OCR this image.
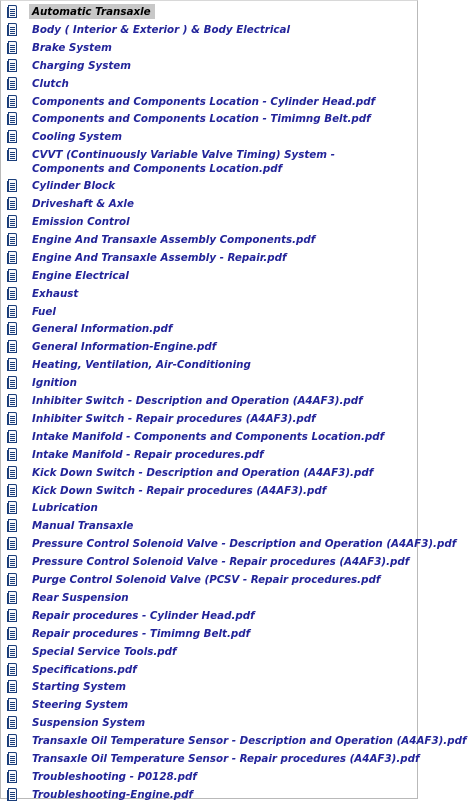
Automatic Transaxle
Body ( Interior & Exterior ) & Body Electrical
Brake System
Charging System
Clutch
Components and Components Location - Cylinder Head.pdf
Components and Components Location - Timimng Belt.pdf
Cooling System
CVVT (Continuously Variable Valve Timing) System - Components and Components Location.pdf
Cylinder Block
Driveshaft & Axle
Emission Control
Engine And Transaxle Assembly Components.pdf
Engine And Transaxle Assembly - Repair.pdf
Engine Electrical
Exhaust
Fuel
General Information.pdf
General Information-Engine.pdf
Heating, Ventilation, Air-Conditioning
Ignition
Inhibiter Switch - Description and Operation (A4AF3).pdf
Inhibiter Switch - Repair procedures (A4AF3).pdf
Intake Manifold - Components and Components Location.pdf
Intake Manifold - Repair procedures.pdf
Kick Down Switch - Description and Operation (A4AF3).pdf
Kick Down Switch - Repair procedures (A4AF3).pdf
Lubrication
Manual Transaxle
Pressure Control Solenoid Valve - Description and Operation (A4AF3).pdf
Pressure Control Solenoid Valve - Repair procedures (A4AF3).pdf
Purge Control Solenoid Valve (PCSV - Repair procedures.pdf
Rear Suspension
Repair procedures - Cylinder Head.pdf
Repair procedures - Timimng Belt.pdf
Special Service Tools.pdf
Specifications.pdf
Starting System
Steering System
Suspension System
Transaxle Oil Temperature Sensor - Description and Operation (A4AF3).pdf
Transaxle Oil Temperature Sensor - Repair procedures (A4AF3).pdf
Troubleshooting - P0128.pdf
Troubleshooting-Engine.pdf
